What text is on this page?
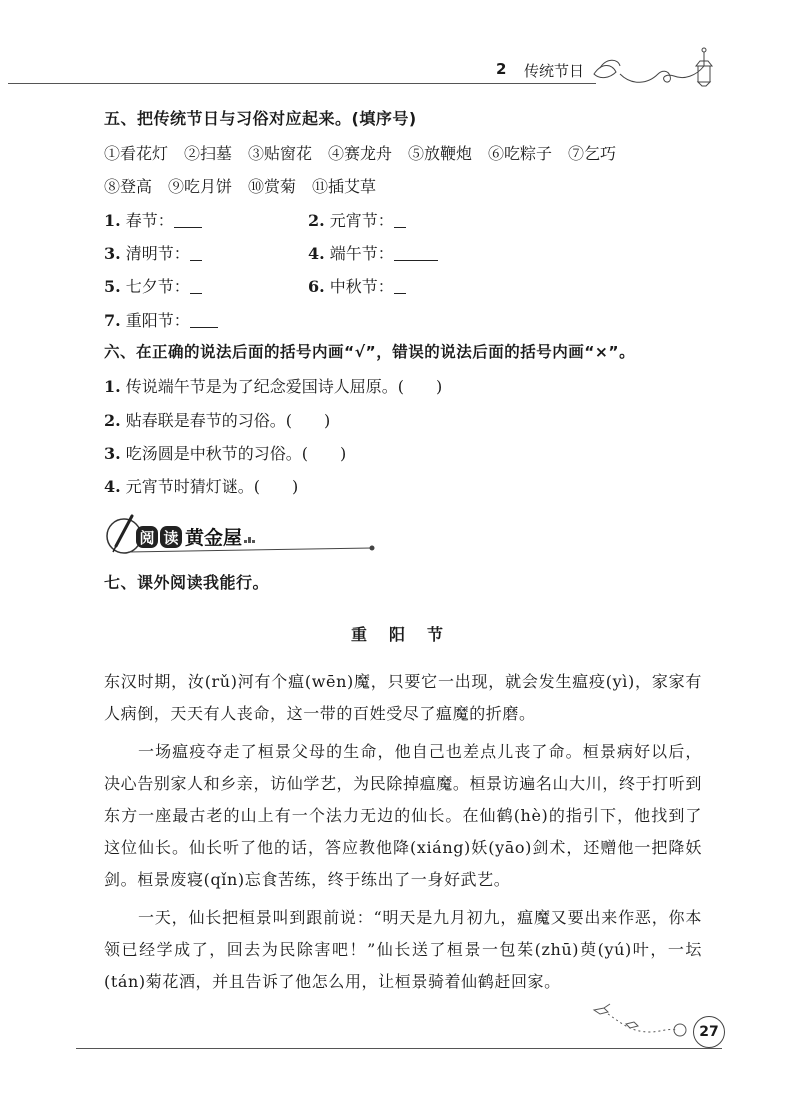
2 传统节日
五、把传统节日与习俗对应起来。(填序号)
①看花灯　②扫墓　③贴窗花　④赛龙舟　⑤放鞭炮　⑥吃粽子　⑦乞巧
⑧登高　⑨吃月饼　⑩赏菊　⑪插艾草
1. 春节：	2. 元宵节：
3. 清明节：	4. 端午节：
5. 七夕节：	6. 中秋节：
7. 重阳节：
六、在正确的说法后面的括号内画“√”，错误的说法后面的括号内画“×”。
1. 传说端午节是为了纪念爱国诗人屈原。(　　)
2. 贴春联是春节的习俗。(　　)
3. 吃汤圆是中秋节的习俗。(　　)
4. 元宵节时猜灯谜。(　　)
阅 读 黄金屋
七、课外阅读我能行。
重阳节
东汉时期，汝(rǔ)河有个瘟(wēn)魔，只要它一出现，就会发生瘟疫(yì)，家家有人病倒，天天有人丧命，这一带的百姓受尽了瘟魔的折磨。
一场瘟疫夺走了桓景父母的生命，他自己也差点儿丧了命。桓景病好以后，决心告别家人和乡亲，访仙学艺，为民除掉瘟魔。桓景访遍名山大川，终于打听到东方一座最古老的山上有一个法力无边的仙长。在仙鹤(hè)的指引下，他找到了这位仙长。仙长听了他的话，答应教他降(xiáng)妖(yāo)剑术，还赠他一把降妖剑。桓景废寝(qǐn)忘食苦练，终于练出了一身好武艺。
一天，仙长把桓景叫到跟前说：“明天是九月初九，瘟魔又要出来作恶，你本领已经学成了，回去为民除害吧！”仙长送了桓景一包茱(zhū)萸(yú)叶，一坛(tán)菊花酒，并且告诉了他怎么用，让桓景骑着仙鹤赶回家。
27
